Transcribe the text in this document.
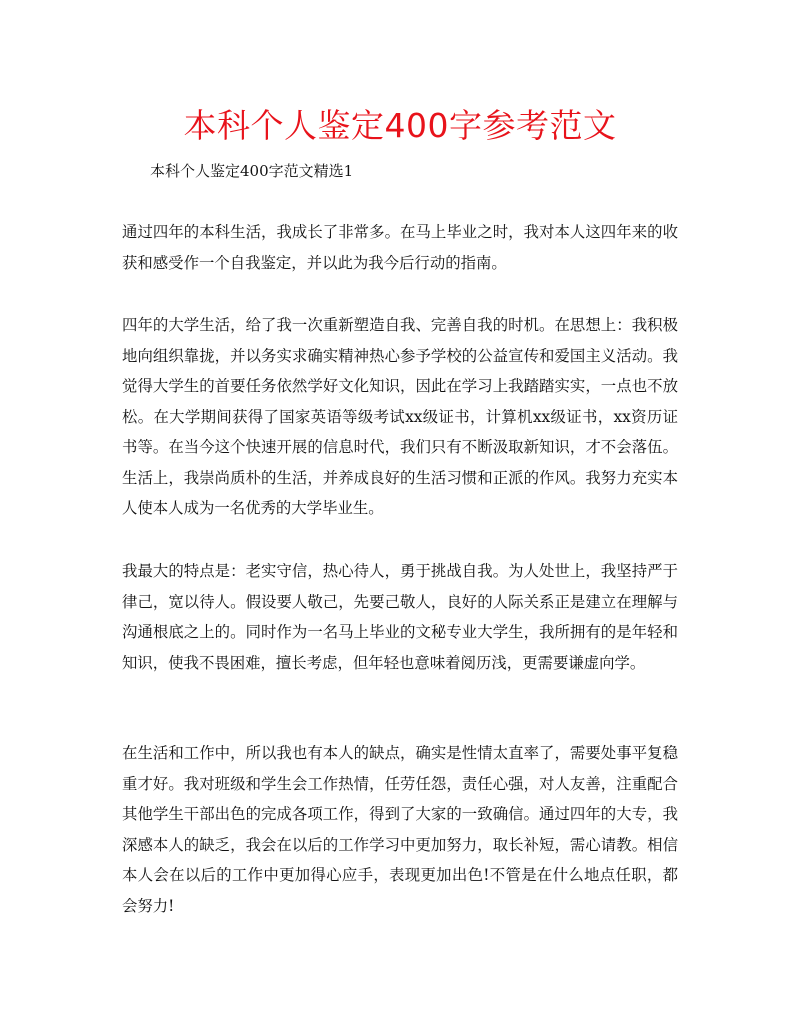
本科个人鉴定400字参考范文

本科个人鉴定400字范文精选1

通过四年的本科生活，我成长了非常多。在马上毕业之时，我对本人这四年来的收获和感受作一个自我鉴定，并以此为我今后行动的指南。

四年的大学生活，给了我一次重新塑造自我、完善自我的时机。在思想上：我积极地向组织靠拢，并以务实求确实精神热心参予学校的公益宣传和爱国主义活动。我觉得大学生的首要任务依然学好文化知识，因此在学习上我踏踏实实，一点也不放松。在大学期间获得了国家英语等级考试xx级证书，计算机xx级证书，xx资历证书等。在当今这个快速开展的信息时代，我们只有不断汲取新知识，才不会落伍。生活上，我崇尚质朴的生活，并养成良好的生活习惯和正派的作风。我努力充实本人使本人成为一名优秀的大学毕业生。

我最大的特点是：老实守信，热心待人，勇于挑战自我。为人处世上，我坚持严于律己，宽以待人。假设要人敬己，先要己敬人，良好的人际关系正是建立在理解与沟通根底之上的。同时作为一名马上毕业的文秘专业大学生，我所拥有的是年轻和知识，使我不畏困难，擅长考虑，但年轻也意味着阅历浅，更需要谦虚向学。

在生活和工作中，所以我也有本人的缺点，确实是性情太直率了，需要处事平复稳重才好。我对班级和学生会工作热情，任劳任怨，责任心强，对人友善，注重配合其他学生干部出色的完成各项工作，得到了大家的一致确信。通过四年的大专，我深感本人的缺乏，我会在以后的工作学习中更加努力，取长补短，需心请教。相信本人会在以后的工作中更加得心应手，表现更加出色!不管是在什么地点任职，都会努力!
